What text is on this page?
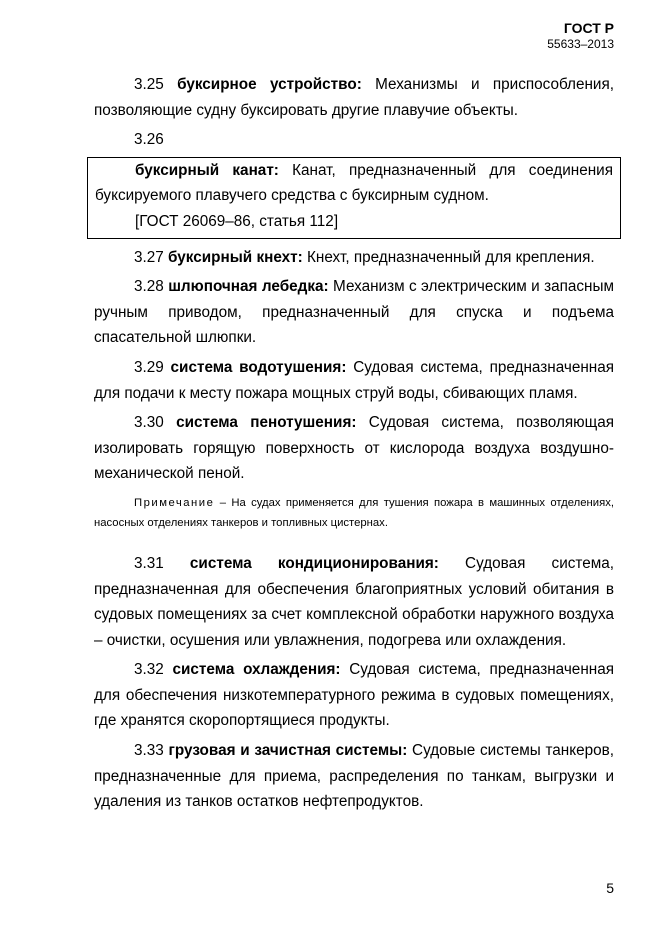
ГОСТ Р
55633–2013

3.25 буксирное устройство: Механизмы и приспособления, позволяющие судну буксировать другие плавучие объекты.

3.26

буксирный канат: Канат, предназначенный для соединения буксируемого плавучего средства с буксирным судном.

[ГОСТ 26069–86, статья 112]

3.27 буксирный кнехт: Кнехт, предназначенный для крепления.

3.28 шлюпочная лебедка: Механизм с электрическим и запасным ручным приводом, предназначенный для спуска и подъема спасательной шлюпки.

3.29 система водотушения: Судовая система, предназначенная для подачи к месту пожара мощных струй воды, сбивающих пламя.

3.30 система пенотушения: Судовая система, позволяющая изолировать горящую поверхность от кислорода воздуха воздушно-механической пеной.

Примечание – На судах применяется для тушения пожара в машинных отделениях, насосных отделениях танкеров и топливных цистернах.

3.31 система кондиционирования: Судовая система, предназначенная для обеспечения благоприятных условий обитания в судовых помещениях за счет комплексной обработки наружного воздуха – очистки, осушения или увлажнения, подогрева или охлаждения.

3.32 система охлаждения: Судовая система, предназначенная для обеспечения низкотемпературного режима в судовых помещениях, где хранятся скоропортящиеся продукты.

3.33 грузовая и зачистная системы: Судовые системы танкеров, предназначенные для приема, распределения по танкам, выгрузки и удаления из танков остатков нефтепродуктов.

5
